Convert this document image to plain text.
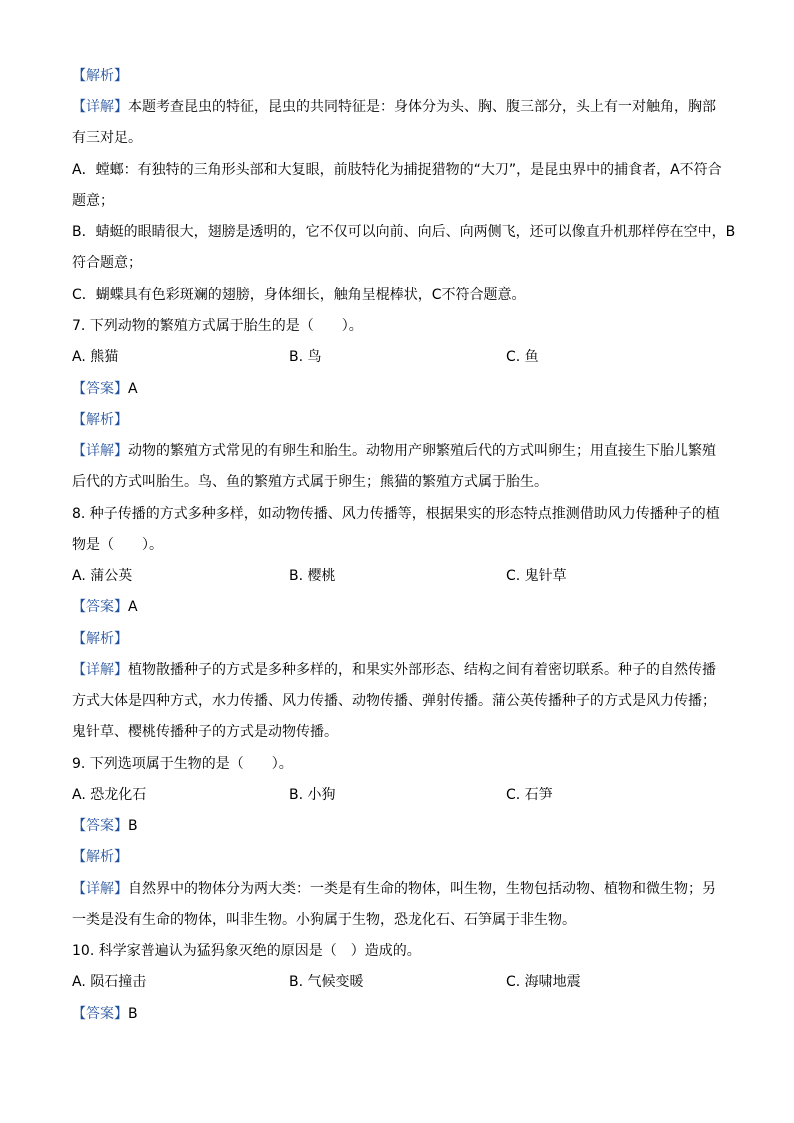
【解析】
【详解】本题考查昆虫的特征，昆虫的共同特征是：身体分为头、胸、腹三部分，头上有一对触角，胸部
有三对足。
A．螳螂：有独特的三角形头部和大复眼，前肢特化为捕捉猎物的“大刀”，是昆虫界中的捕食者，A不符合
题意；
B．蜻蜓的眼睛很大，翅膀是透明的，它不仅可以向前、向后、向两侧飞，还可以像直升机那样停在空中，B
符合题意；
C．蝴蝶具有色彩斑斓的翅膀，身体细长，触角呈棍棒状，C不符合题意。
7. 下列动物的繁殖方式属于胎生的是（　　）。
A. 熊猫	B. 鸟	C. 鱼
【答案】A
【解析】
【详解】动物的繁殖方式常见的有卵生和胎生。动物用产卵繁殖后代的方式叫卵生；用直接生下胎儿繁殖
后代的方式叫胎生。鸟、鱼的繁殖方式属于卵生；熊猫的繁殖方式属于胎生。
8. 种子传播的方式多种多样，如动物传播、风力传播等，根据果实的形态特点推测借助风力传播种子的植
物是（　　）。
A. 蒲公英	B. 樱桃	C. 鬼针草
【答案】A
【解析】
【详解】植物散播种子的方式是多种多样的，和果实外部形态、结构之间有着密切联系。种子的自然传播
方式大体是四种方式，水力传播、风力传播、动物传播、弹射传播。蒲公英传播种子的方式是风力传播；
鬼针草、樱桃传播种子的方式是动物传播。
9. 下列选项属于生物的是（　　）。
A. 恐龙化石	B. 小狗	C. 石笋
【答案】B
【解析】
【详解】自然界中的物体分为两大类：一类是有生命的物体，叫生物，生物包括动物、植物和微生物；另
一类是没有生命的物体，叫非生物。小狗属于生物，恐龙化石、石笋属于非生物。
10. 科学家普遍认为猛犸象灭绝的原因是（　）造成的。
A. 陨石撞击	B. 气候变暖	C. 海啸地震
【答案】B
